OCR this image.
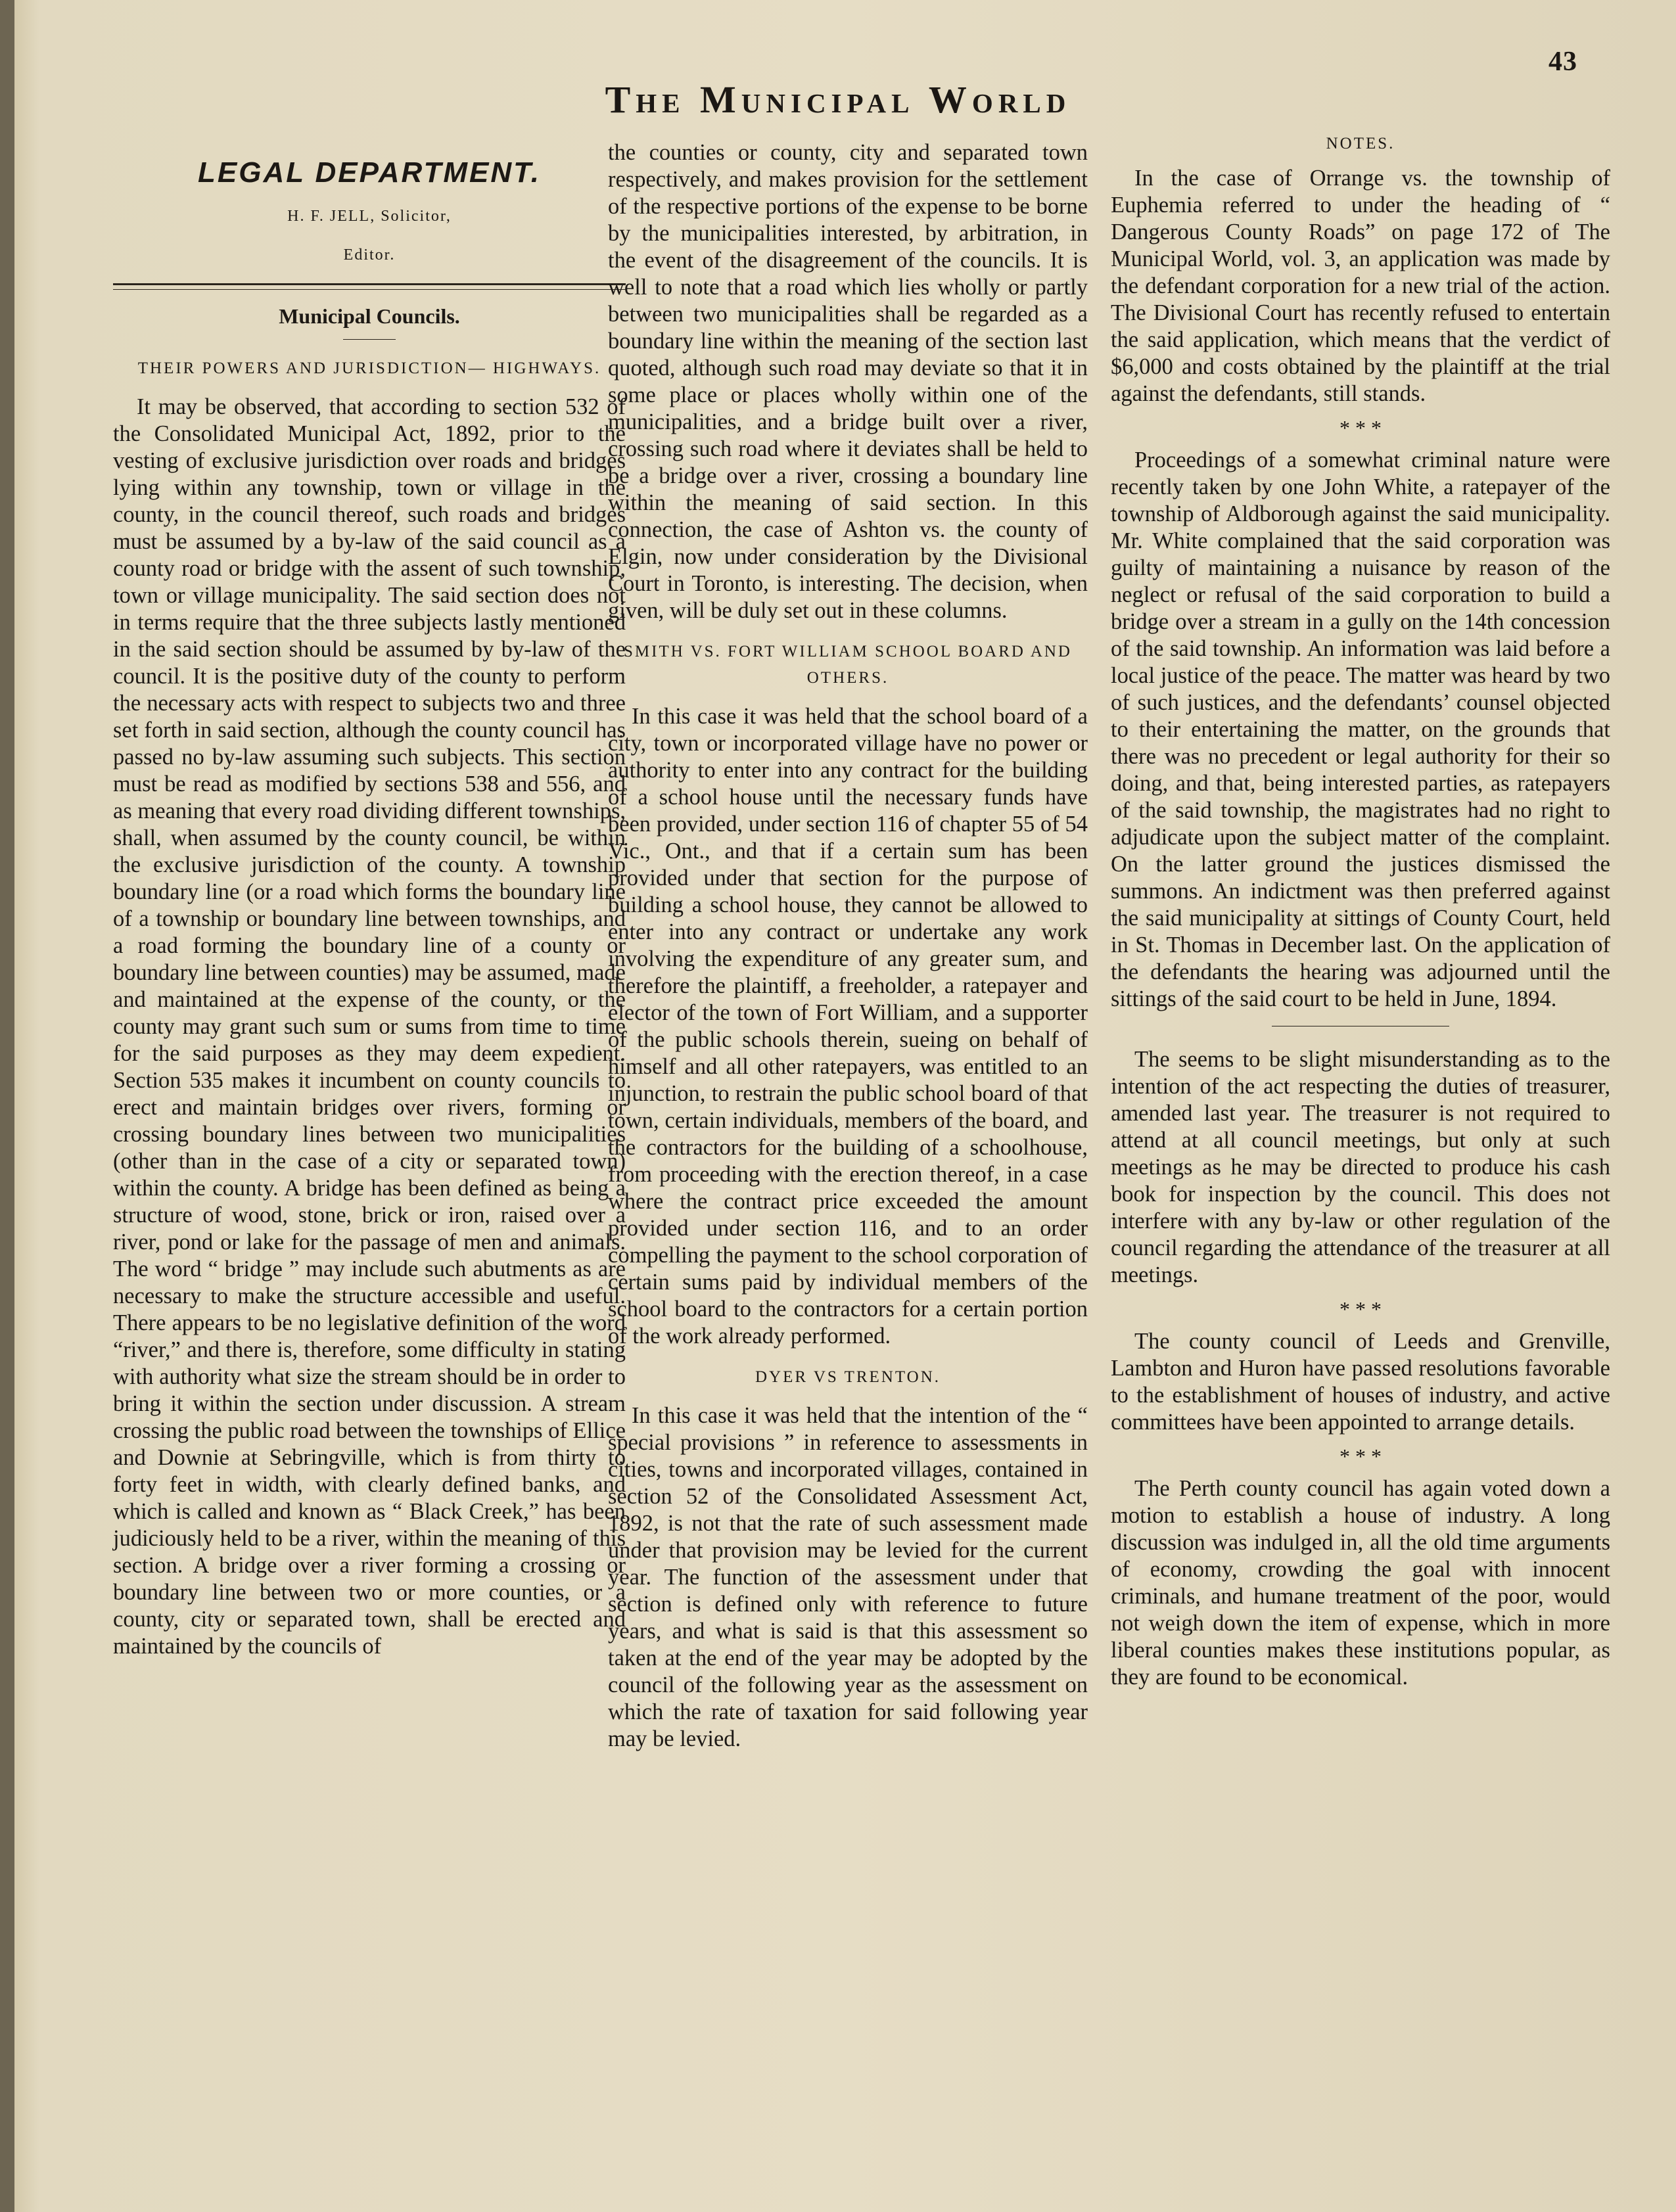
43
The Municipal World
LEGAL DEPARTMENT.
H. F. JELL, Solicitor,
Editor.
Municipal Councils.
THEIR POWERS AND JURISDICTION— HIGHWAYS.

It may be observed, that according to section 532 of the Consolidated Municipal Act, 1892, prior to the vesting of exclusive jurisdiction over roads and bridges lying within any township, town or village in the county, in the council thereof, such roads and bridges must be assumed by a by-law of the said council as a county road or bridge with the assent of such township, town or village municipality. The said section does not in terms require that the three subjects lastly mentioned in the said section should be assumed by by-law of the council. It is the positive duty of the county to perform the necessary acts with respect to subjects two and three set forth in said section, although the county council has passed no by-law assuming such subjects. This section must be read as modified by sections 538 and 556, and as meaning that every road dividing different townships, shall, when assumed by the county council, be within the exclusive jurisdiction of the county. A township boundary line (or a road which forms the boundary line of a township or boundary line between townships, and a road forming the boundary line of a county or boundary line between counties) may be assumed, made and maintained at the expense of the county, or the county may grant such sum or sums from time to time for the said purposes as they may deem expedient. Section 535 makes it incumbent on county councils to erect and maintain bridges over rivers, forming or crossing boundary lines between two municipalities (other than in the case of a city or separated town) within the county. A bridge has been defined as being a structure of wood, stone, brick or iron, raised over a river, pond or lake for the passage of men and animals. The word “ bridge ” may include such abutments as are necessary to make the structure accessible and useful. There appears to be no legislative definition of the word “river,” and there is, therefore, some difficulty in stating with authority what size the stream should be in order to bring it within the section under discussion. A stream crossing the public road between the townships of Ellice and Downie at Sebringville, which is from thirty to forty feet in width, with clearly defined banks, and which is called and known as “ Black Creek,” has been judiciously held to be a river, within the meaning of this section. A bridge over a river forming a crossing or boundary line between two or more counties, or a county, city or separated town, shall be erected and maintained by the councils of

the counties or county, city and separated town respectively, and makes provision for the settlement of the respective portions of the expense to be borne by the municipalities interested, by arbitration, in the event of the disagreement of the councils. It is well to note that a road which lies wholly or partly between two municipalities shall be regarded as a boundary line within the meaning of the section last quoted, although such road may deviate so that it in some place or places wholly within one of the municipalities, and a bridge built over a river, crossing such road where it deviates shall be held to be a bridge over a river, crossing a boundary line within the meaning of said section. In this connection, the case of Ashton vs. the county of Elgin, now under consideration by the Divisional Court in Toronto, is interesting. The decision, when given, will be duly set out in these columns.

SMITH VS. FORT WILLIAM SCHOOL BOARD AND OTHERS.

In this case it was held that the school board of a city, town or incorporated village have no power or authority to enter into any contract for the building of a school house until the necessary funds have been provided, under section 116 of chapter 55 of 54 Vic., Ont., and that if a certain sum has been provided under that section for the purpose of building a school house, they cannot be allowed to enter into any contract or undertake any work involving the expenditure of any greater sum, and therefore the plaintiff, a freeholder, a ratepayer and elector of the town of Fort William, and a supporter of the public schools therein, sueing on behalf of himself and all other ratepayers, was entitled to an injunction, to restrain the public school board of that town, certain individuals, members of the board, and the contractors for the building of a schoolhouse, from proceeding with the erection thereof, in a case where the contract price exceeded the amount provided under section 116, and to an order compelling the payment to the school corporation of certain sums paid by individual members of the school board to the contractors for a certain portion of the work already performed.

DYER VS TRENTON.

In this case it was held that the intention of the “ special provisions ” in reference to assessments in cities, towns and incorporated villages, contained in section 52 of the Consolidated Assessment Act, 1892, is not that the rate of such assessment made under that provision may be levied for the current year. The function of the assessment under that section is defined only with reference to future years, and what is said is that this assessment so taken at the end of the year may be adopted by the council of the following year as the assessment on which the rate of taxation for said following year may be levied.

NOTES.

In the case of Orrange vs. the township of Euphemia referred to under the heading of “ Dangerous County Roads” on page 172 of The Municipal World, vol. 3, an application was made by the defendant corporation for a new trial of the action. The Divisional Court has recently refused to entertain the said application, which means that the verdict of $6,000 and costs obtained by the plaintiff at the trial against the defendants, still stands.

* * *

Proceedings of a somewhat criminal nature were recently taken by one John White, a ratepayer of the township of Aldborough against the said municipality. Mr. White complained that the said corporation was guilty of maintaining a nuisance by reason of the neglect or refusal of the said corporation to build a bridge over a stream in a gully on the 14th concession of the said township. An information was laid before a local justice of the peace. The matter was heard by two of such justices, and the defendants’ counsel objected to their entertaining the matter, on the grounds that there was no precedent or legal authority for their so doing, and that, being interested parties, as ratepayers of the said township, the magistrates had no right to adjudicate upon the subject matter of the complaint. On the latter ground the justices dismissed the summons. An indictment was then preferred against the said municipality at sittings of County Court, held in St. Thomas in December last. On the application of the defendants the hearing was adjourned until the sittings of the said court to be held in June, 1894.

The seems to be slight misunderstanding as to the intention of the act respecting the duties of treasurer, amended last year. The treasurer is not required to attend at all council meetings, but only at such meetings as he may be directed to produce his cash book for inspection by the council. This does not interfere with any by-law or other regulation of the council regarding the attendance of the treasurer at all meetings.

* * *

The county council of Leeds and Grenville, Lambton and Huron have passed resolutions favorable to the establishment of houses of industry, and active committees have been appointed to arrange details.

* * *

The Perth county council has again voted down a motion to establish a house of industry. A long discussion was indulged in, all the old time arguments of economy, crowding the goal with innocent criminals, and humane treatment of the poor, would not weigh down the item of expense, which in more liberal counties makes these institutions popular, as they are found to be economical.
